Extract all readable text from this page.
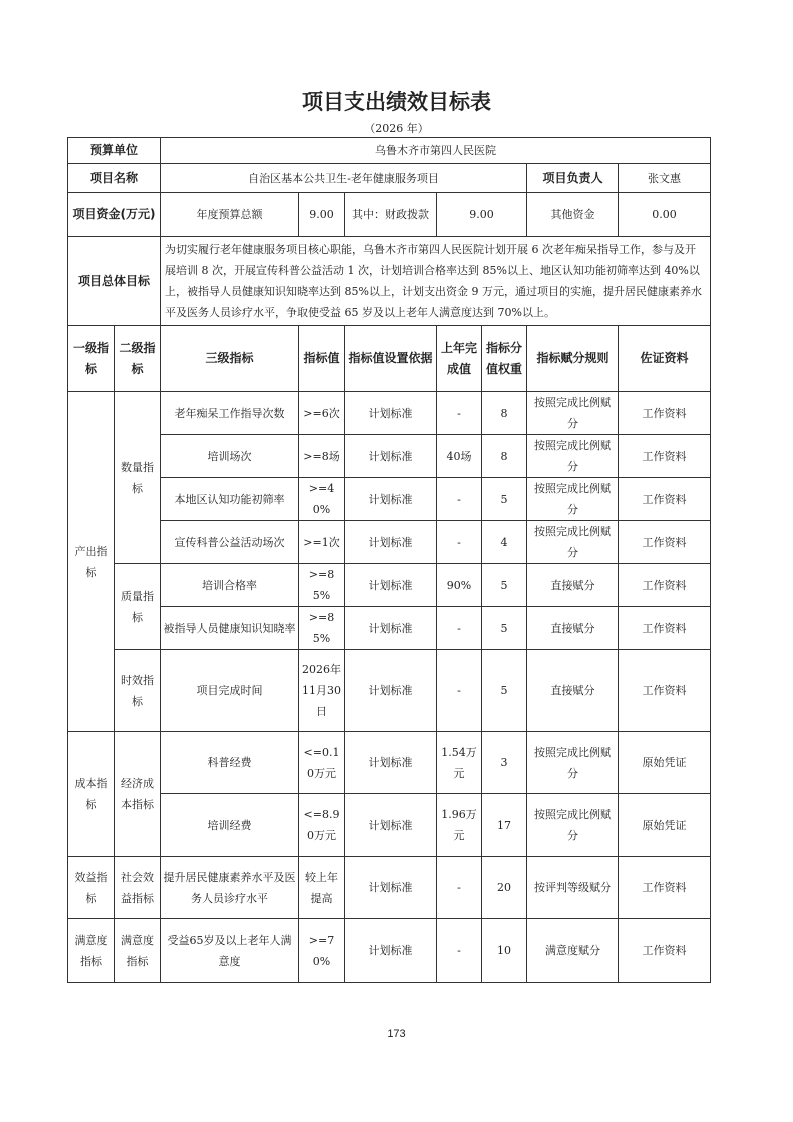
项目支出绩效目标表
（2026 年）
预算单位		乌鲁木齐市第四人民医院						
项目名称		自治区基本公共卫生-老年健康服务项目					项目负责人	张文惠
项目资金(万元)		年度预算总额	9.00	其中：财政拨款	9.00		其他资金	0.00
项目总体目标		为切实履行老年健康服务项目核心职能，乌鲁木齐市第四人民医院计划开展 6 次老年痴呆指导工作，参与及开展培训 8 次，开展宣传科普公益活动 1 次，计划培训合格率达到 85%以上、地区认知功能初筛率达到 40%以上，被指导人员健康知识知晓率达到 85%以上，计划支出资金 9 万元，通过项目的实施，提升居民健康素养水平及医务人员诊疗水平，争取使受益 65 岁及以上老年人满意度达到 70%以上。						
一级指标	二级指标	三级指标	指标值	指标值设置依据	上年完成值	指标分值权重	指标赋分规则	佐证资料
产出指标	数量指标	老年痴呆工作指导次数	>=6次	计划标准	-	8	按照完成比例赋分	工作资料
		培训场次	>=8场	计划标准	40场	8	按照完成比例赋分	工作资料
		本地区认知功能初筛率	>=40%	计划标准	-	5	按照完成比例赋分	工作资料
		宣传科普公益活动场次	>=1次	计划标准	-	4	按照完成比例赋分	工作资料
	质量指标	培训合格率	>=85%	计划标准	90%	5	直接赋分	工作资料
		被指导人员健康知识知晓率	>=85%	计划标准	-	5	直接赋分	工作资料
	时效指标	项目完成时间	2026年11月30日	计划标准	-	5	直接赋分	工作资料
成本指标	经济成本指标	科普经费	<=0.10万元	计划标准	1.54万元	3	按照完成比例赋分	原始凭证
		培训经费	<=8.90万元	计划标准	1.96万元	17	按照完成比例赋分	原始凭证
效益指标	社会效益指标	提升居民健康素养水平及医务人员诊疗水平	较上年提高	计划标准	-	20	按评判等级赋分	工作资料
满意度指标	满意度指标	受益65岁及以上老年人满意度	>=70%	计划标准	-	10	满意度赋分	工作资料
173
